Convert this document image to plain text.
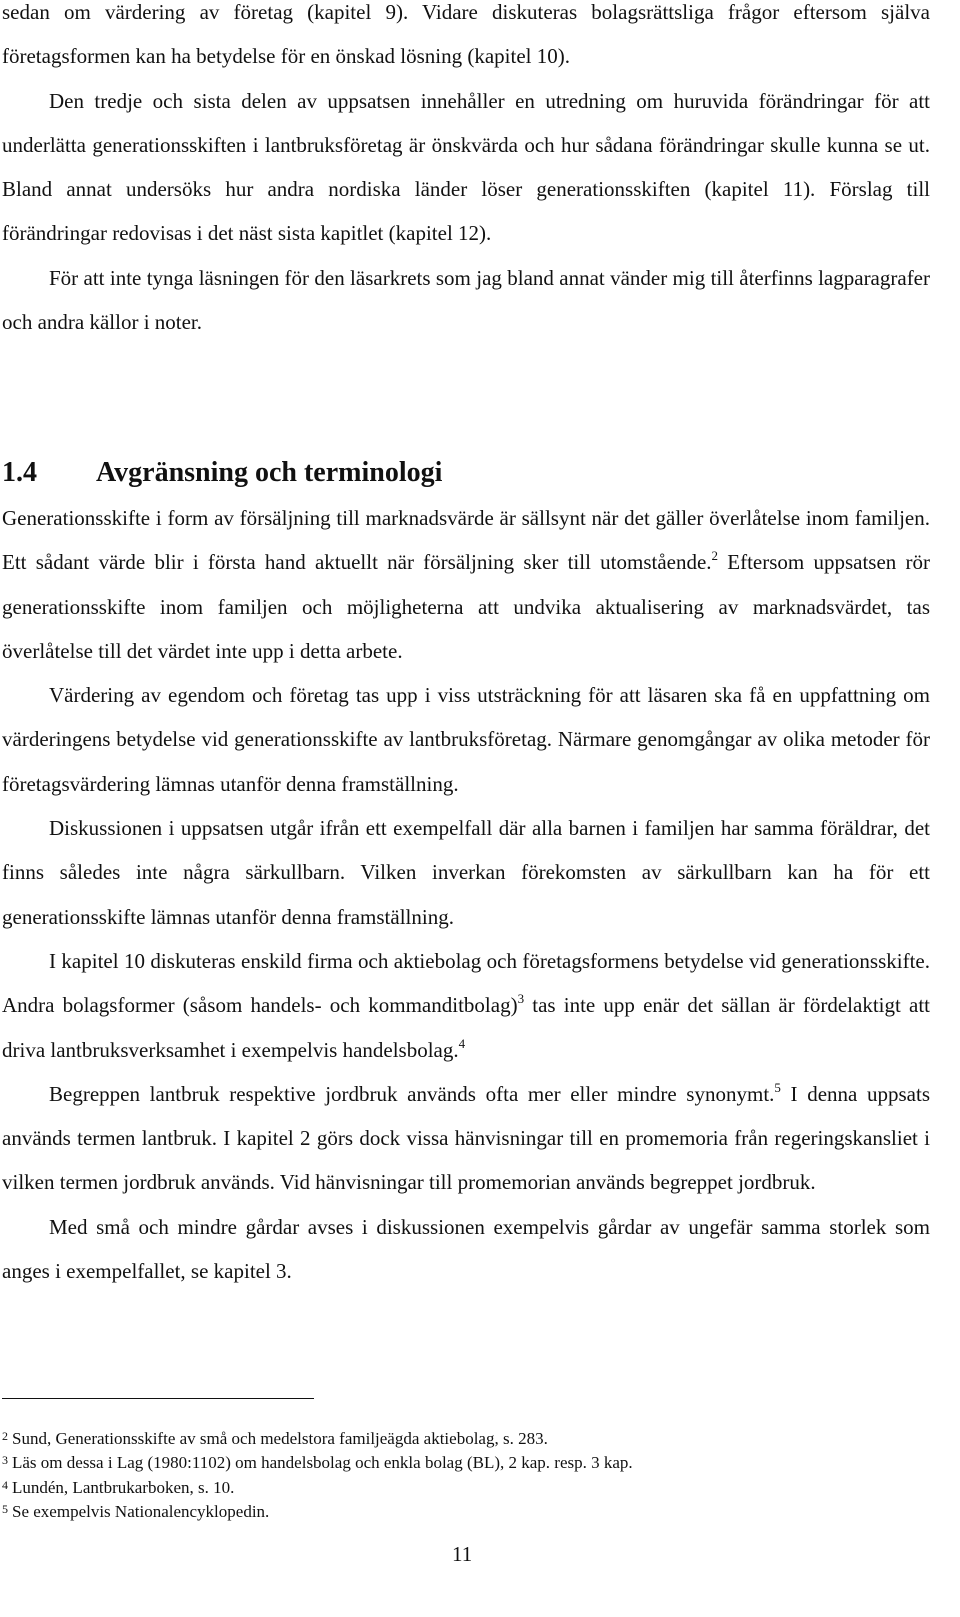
sedan om värdering av företag (kapitel 9). Vidare diskuteras bolagsrättsliga frågor eftersom själva företagsformen kan ha betydelse för en önskad lösning (kapitel 10).

Den tredje och sista delen av uppsatsen innehåller en utredning om huruvida förändringar för att underlätta generationsskiften i lantbruksföretag är önskvärda och hur sådana förändringar skulle kunna se ut. Bland annat undersöks hur andra nordiska länder löser generationsskiften (kapitel 11). Förslag till förändringar redovisas i det näst sista kapitlet (kapitel 12).

För att inte tynga läsningen för den läsarkrets som jag bland annat vänder mig till återfinns lagparagrafer och andra källor i noter.

1.4 Avgränsning och terminologi

Generationsskifte i form av försäljning till marknadsvärde är sällsynt när det gäller överlåtelse inom familjen. Ett sådant värde blir i första hand aktuellt när försäljning sker till utomstående.$^2$ Eftersom uppsatsen rör generationsskifte inom familjen och möjligheterna att undvika aktualisering av marknadsvärdet, tas överlåtelse till det värdet inte upp i detta arbete.

Värdering av egendom och företag tas upp i viss utsträckning för att läsaren ska få en uppfattning om värderingens betydelse vid generationsskifte av lantbruksföretag. Närmare genomgångar av olika metoder för företagsvärdering lämnas utanför denna framställning.

Diskussionen i uppsatsen utgår ifrån ett exempelfall där alla barnen i familjen har samma föräldrar, det finns således inte några särkullbarn. Vilken inverkan förekomsten av särkullbarn kan ha för ett generationsskifte lämnas utanför denna framställning.

I kapitel 10 diskuteras enskild firma och aktiebolag och företagsformens betydelse vid generationsskifte. Andra bolagsformer (såsom handels- och kommanditbolag)$^3$ tas inte upp enär det sällan är fördelaktigt att driva lantbruksverksamhet i exempelvis handelsbolag.$^4$

Begreppen lantbruk respektive jordbruk används ofta mer eller mindre synonymt.$^5$ I denna uppsats används termen lantbruk. I kapitel 2 görs dock vissa hänvisningar till en promemoria från regeringskansliet i vilken termen jordbruk används. Vid hänvisningar till promemorian används begreppet jordbruk.

Med små och mindre gårdar avses i diskussionen exempelvis gårdar av ungefär samma storlek som anges i exempelfallet, se kapitel 3.

$^2$ Sund, Generationsskifte av små och medelstora familjeägda aktiebolag, s. 283.
$^3$ Läs om dessa i Lag (1980:1102) om handelsbolag och enkla bolag (BL), 2 kap. resp. 3 kap.
$^4$ Lundén, Lantbrukarboken, s. 10.
$^5$ Se exempelvis Nationalencyklopedin.
11
